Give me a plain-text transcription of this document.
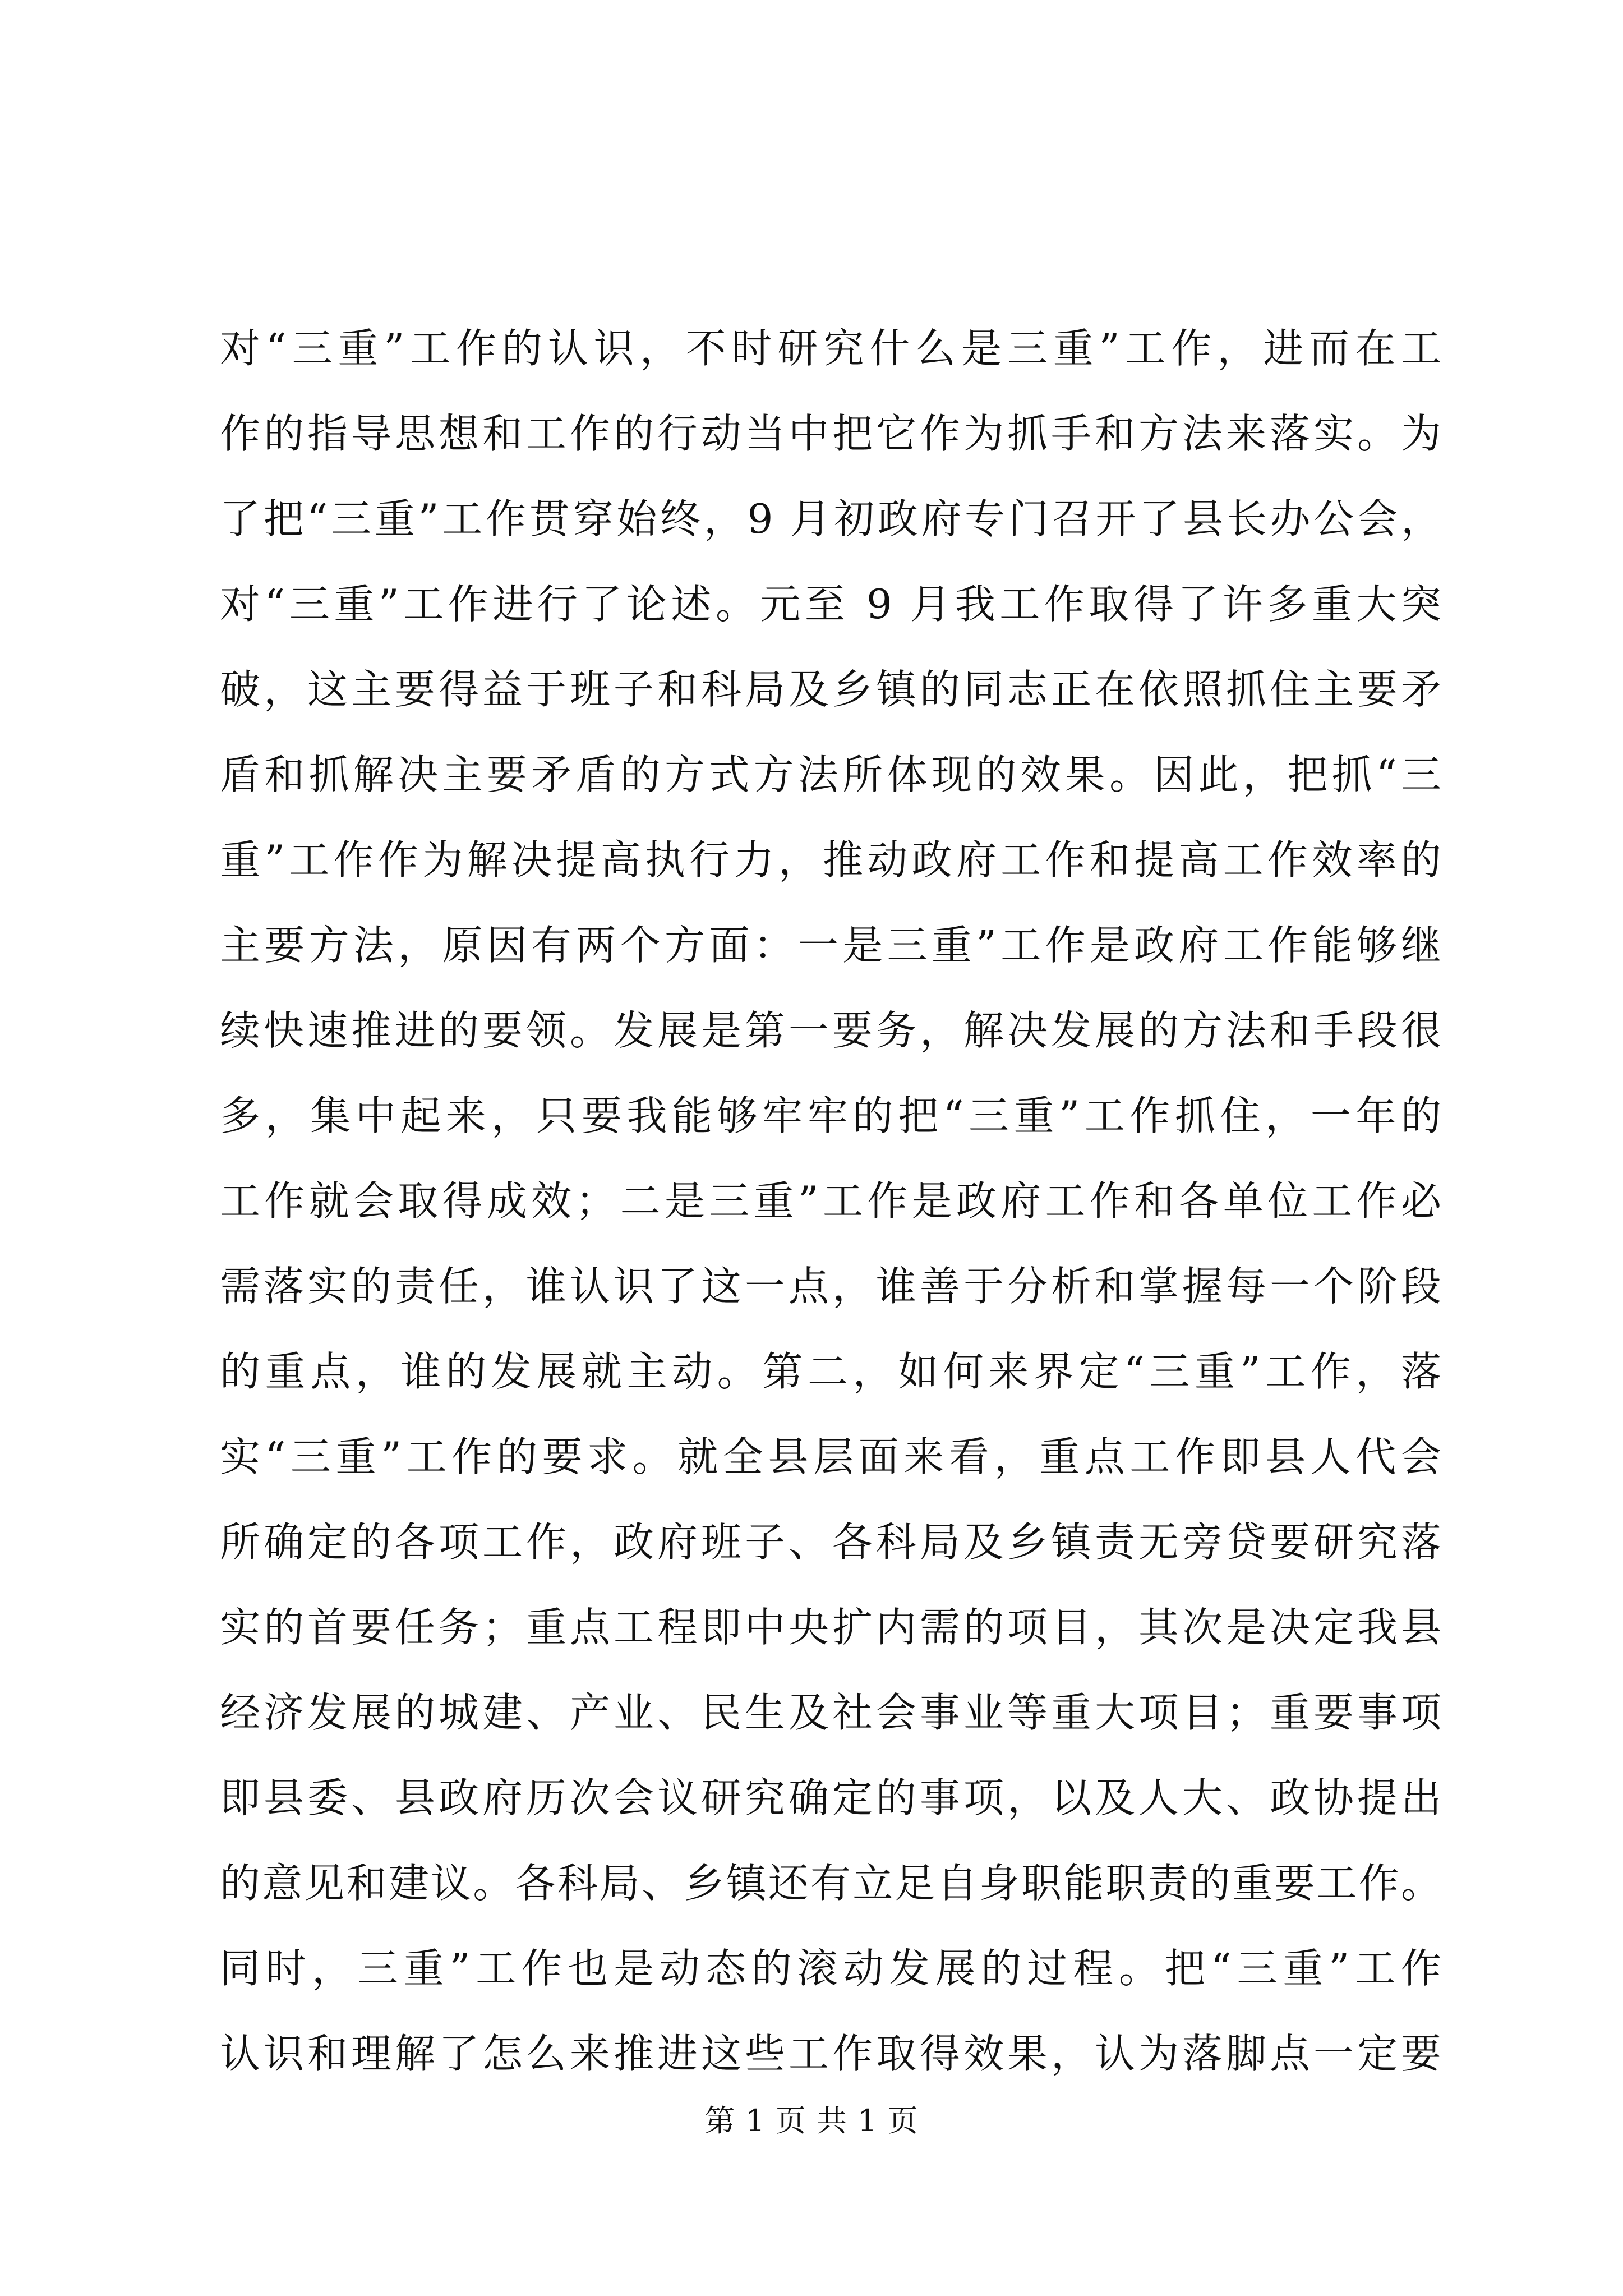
对“三重”工作的认识，不时研究什么是三重”工作，进而在工
作的指导思想和工作的行动当中把它作为抓手和方法来落实。为
了把“三重”工作贯穿始终，9 月初政府专门召开了县长办公会，
对“三重”工作进行了论述。元至 9 月我工作取得了许多重大突
破，这主要得益于班子和科局及乡镇的同志正在依照抓住主要矛
盾和抓解决主要矛盾的方式方法所体现的效果。因此，把抓“三
重”工作作为解决提高执行力，推动政府工作和提高工作效率的
主要方法，原因有两个方面：一是三重”工作是政府工作能够继
续快速推进的要领。发展是第一要务，解决发展的方法和手段很
多，集中起来，只要我能够牢牢的把“三重”工作抓住，一年的
工作就会取得成效；二是三重”工作是政府工作和各单位工作必
需落实的责任，谁认识了这一点，谁善于分析和掌握每一个阶段
的重点，谁的发展就主动。第二，如何来界定“三重”工作，落
实“三重”工作的要求。就全县层面来看，重点工作即县人代会
所确定的各项工作，政府班子、各科局及乡镇责无旁贷要研究落
实的首要任务；重点工程即中央扩内需的项目，其次是决定我县
经济发展的城建、产业、民生及社会事业等重大项目；重要事项
即县委、县政府历次会议研究确定的事项，以及人大、政协提出
的意见和建议。各科局、乡镇还有立足自身职能职责的重要工作。
同时，三重”工作也是动态的滚动发展的过程。把“三重”工作
认识和理解了怎么来推进这些工作取得效果，认为落脚点一定要
第 1 页 共 1 页
